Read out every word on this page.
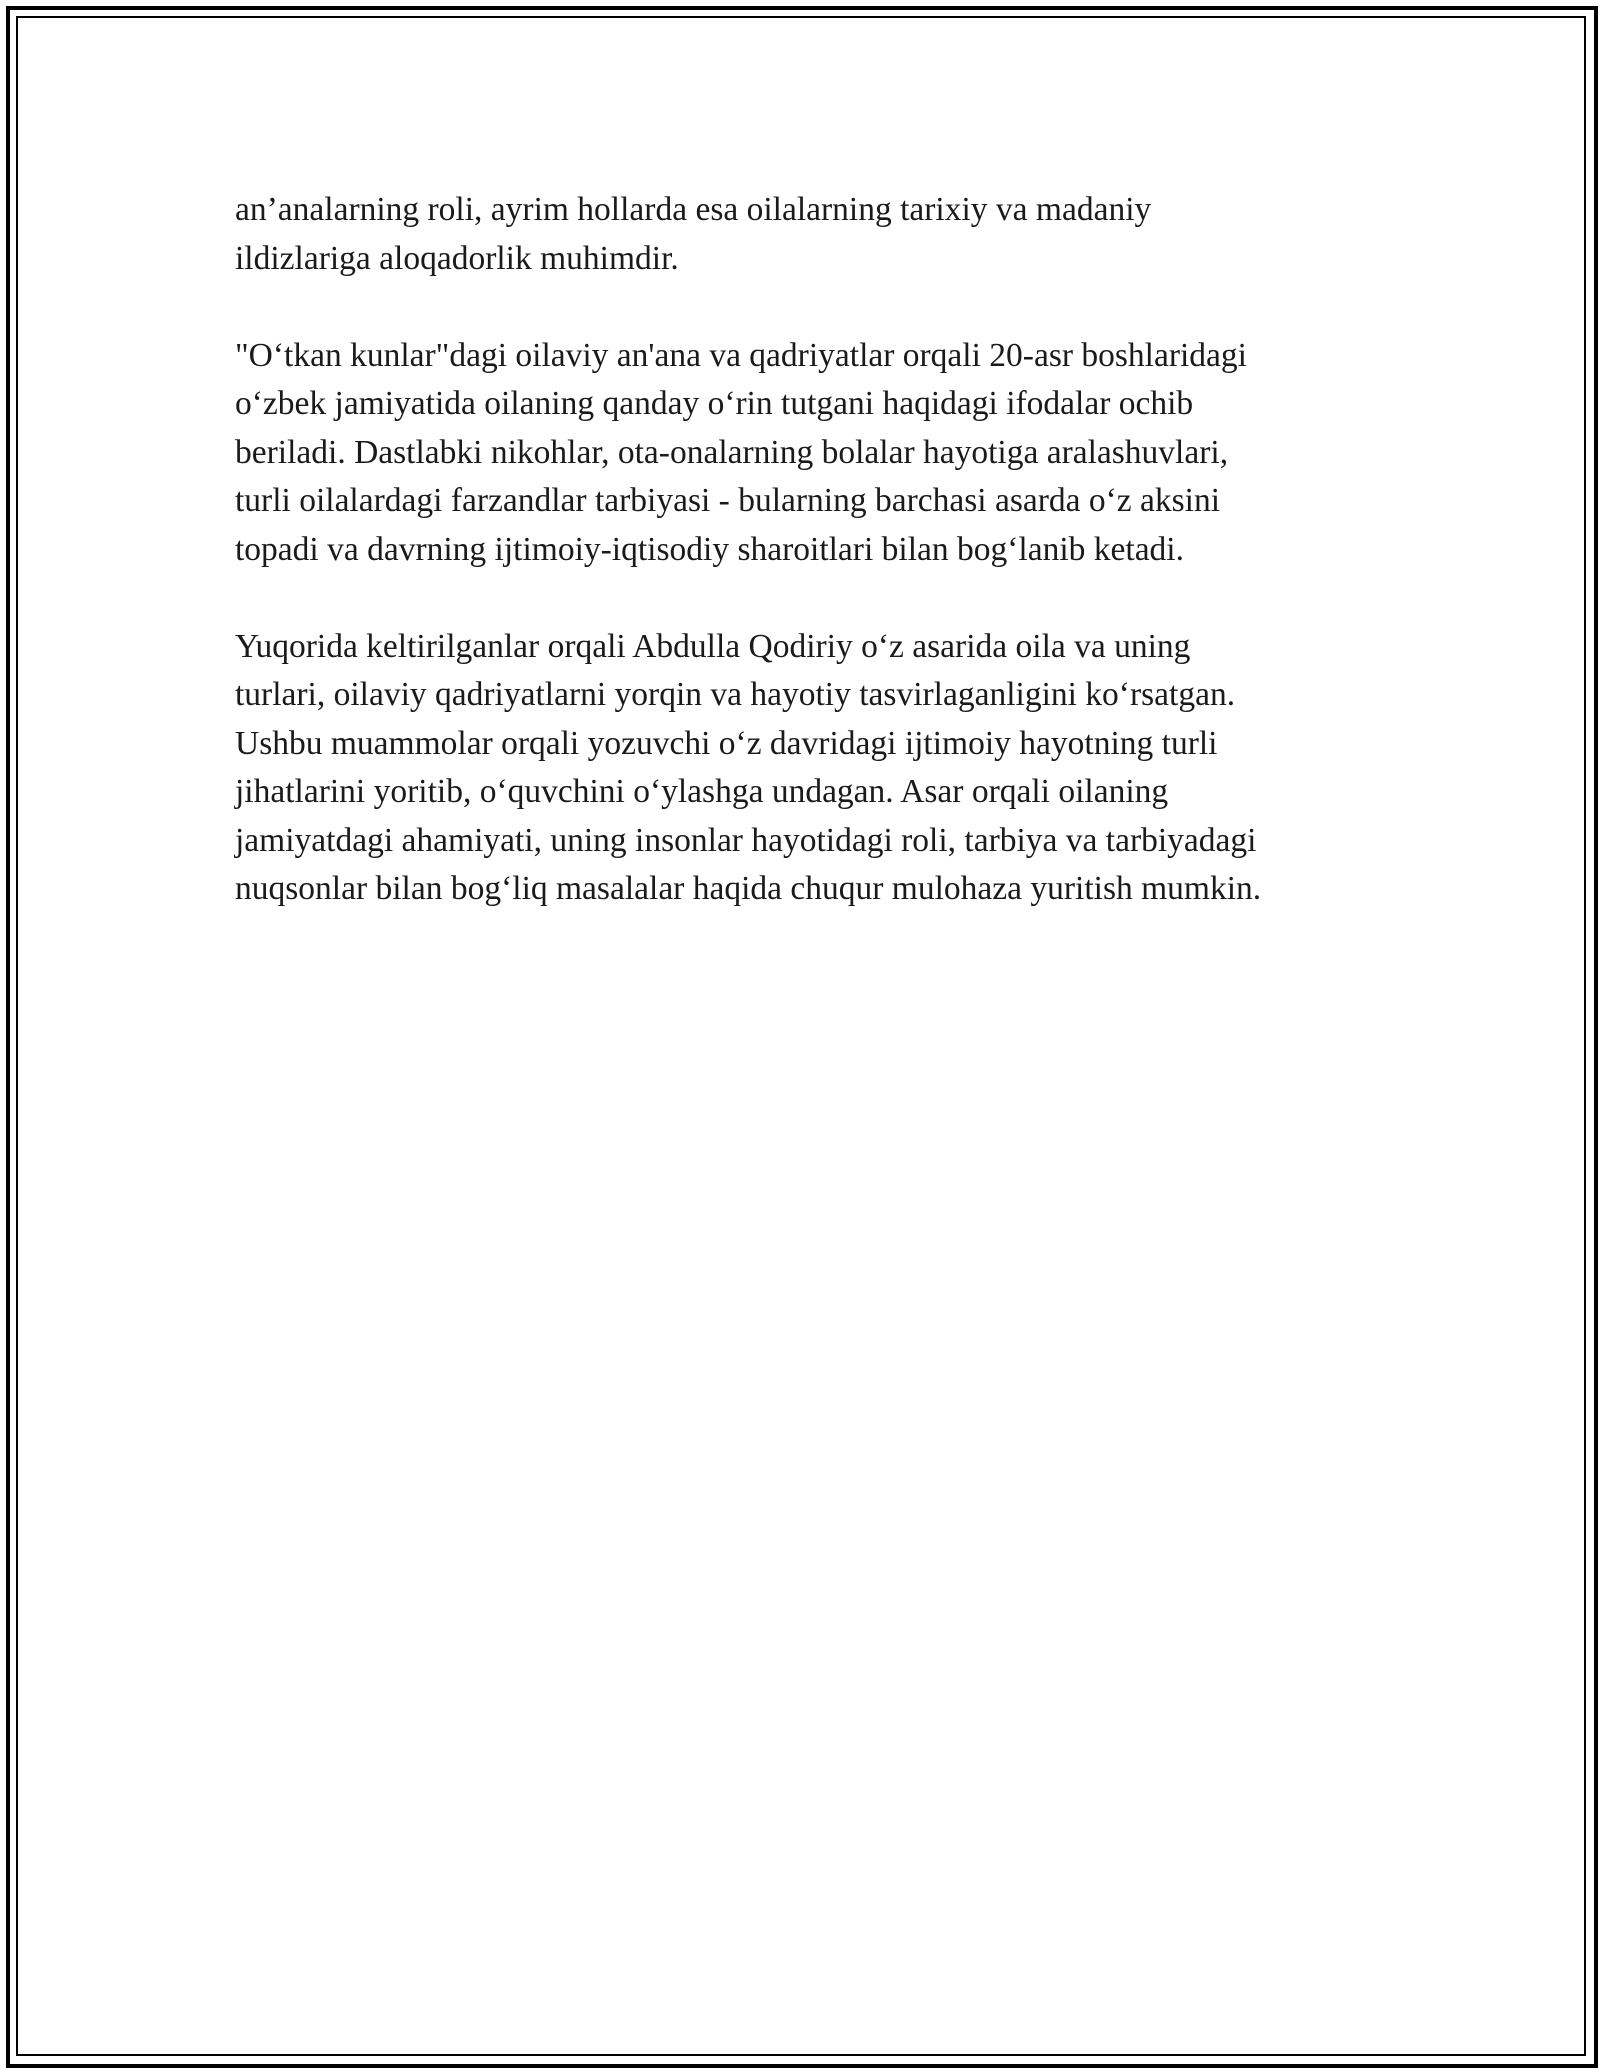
an’analarning roli, ayrim hollarda esa oilalarning tarixiy va madaniy
ildizlariga aloqadorlik muhimdir.

"O‘tkan kunlar"dagi oilaviy an'ana va qadriyatlar orqali 20-asr boshlaridagi
o‘zbek jamiyatida oilaning qanday o‘rin tutgani haqidagi ifodalar ochib
beriladi. Dastlabki nikohlar, ota-onalarning bolalar hayotiga aralashuvlari,
turli oilalardagi farzandlar tarbiyasi - bularning barchasi asarda o‘z aksini
topadi va davrning ijtimoiy-iqtisodiy sharoitlari bilan bog‘lanib ketadi.

Yuqorida keltirilganlar orqali Abdulla Qodiriy o‘z asarida oila va uning
turlari, oilaviy qadriyatlarni yorqin va hayotiy tasvirlaganligini ko‘rsatgan.
Ushbu muammolar orqali yozuvchi o‘z davridagi ijtimoiy hayotning turli
jihatlarini yoritib, o‘quvchini o‘ylashga undagan. Asar orqali oilaning
jamiyatdagi ahamiyati, uning insonlar hayotidagi roli, tarbiya va tarbiyadagi
nuqsonlar bilan bog‘liq masalalar haqida chuqur mulohaza yuritish mumkin.
